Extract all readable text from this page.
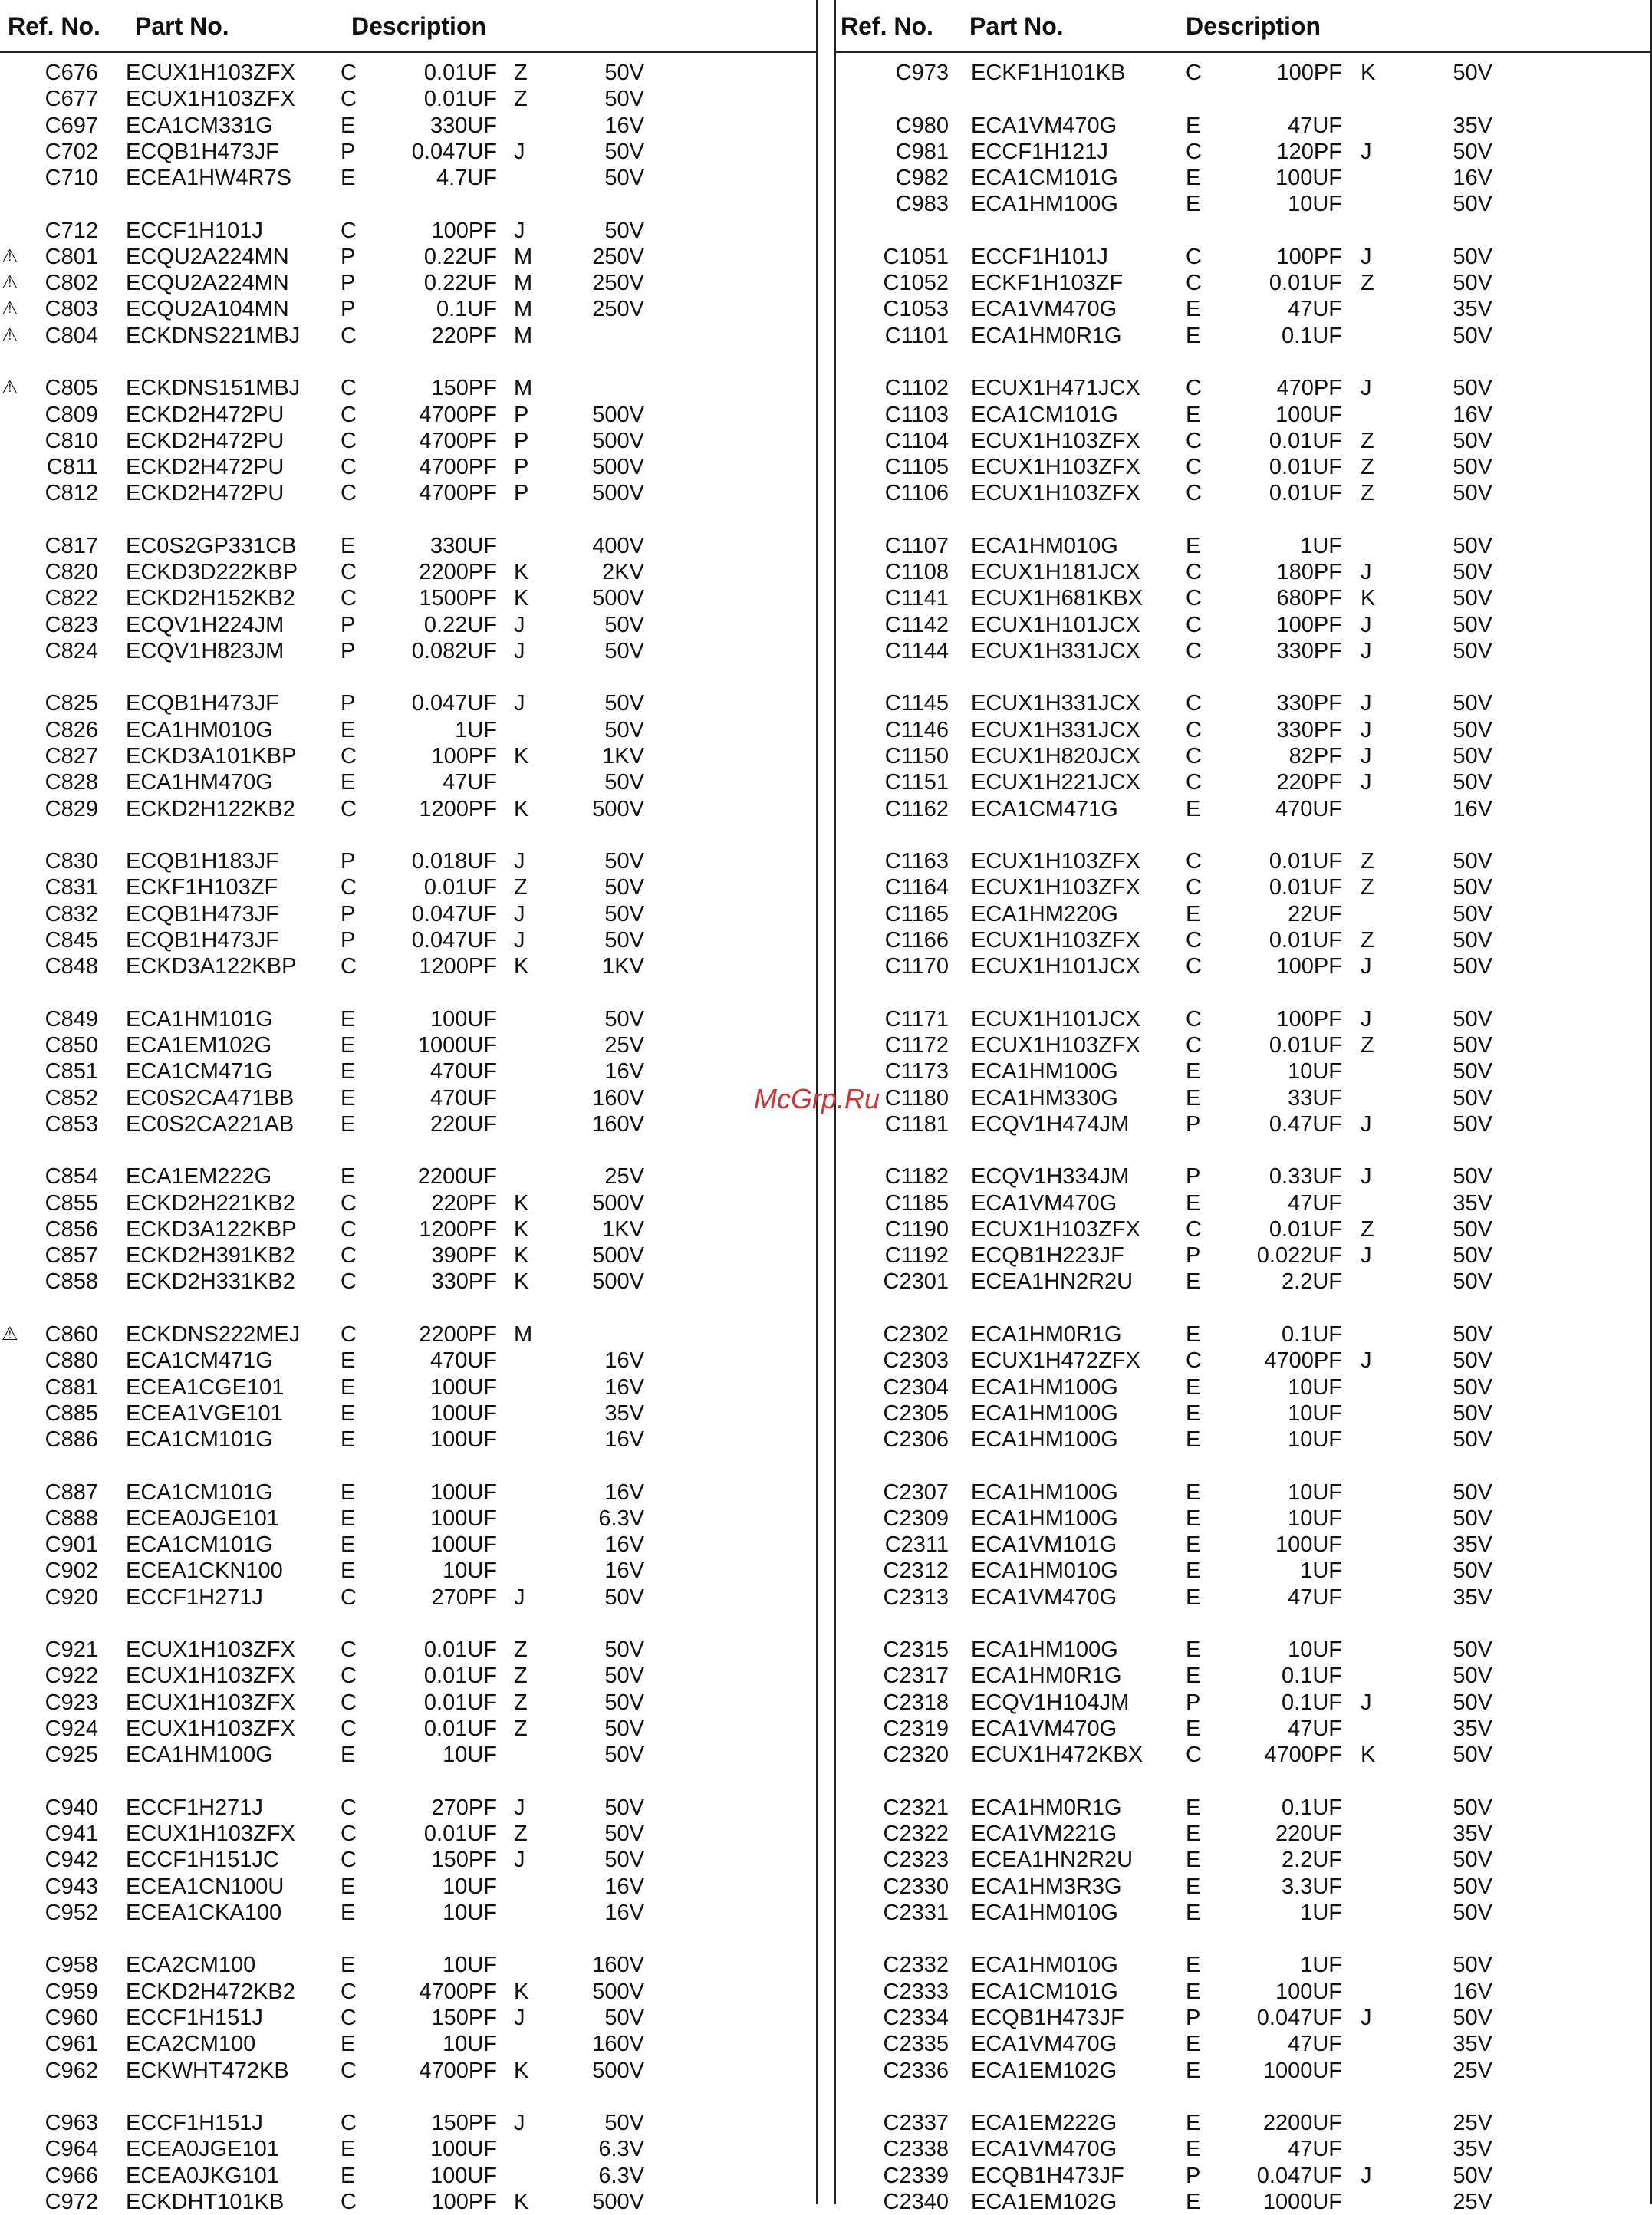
Ref. No. Part No.	Description
C676 ECUX1H103ZFX C	0.01UF Z	50V
C677 ECUX1H103ZFX C	0.01UF Z	50V
C697 ECA1CM331G	E	330UF	16V
C702 ECQB1H473JF	P	0.047UF J	50V
C710 ECEA1HW4R7S E	4.7UF	50V
C712 ECCF1H101J	C	100PF J	50V
⚠	C801 ECQU2A224MN P	0.22UF M	250V
⚠	C802 ECQU2A224MN P	0.22UF M	250V
⚠	C803 ECQU2A104MN P	0.1UF M	250V
⚠	C804 ECKDNS221MBJ C	220PF M
⚠	C805 ECKDNS151MBJ C	150PF M
C809 ECKD2H472PU	C	4700PF P	500V
C810 ECKD2H472PU	C	4700PF P	500V
C811 ECKD2H472PU	C	4700PF P	500V
C812 ECKD2H472PU	C	4700PF P	500V
C817 EC0S2GP331CB E	330UF	400V
C820 ECKD3D222KBP C	2200PF K	2KV
C822 ECKD2H152KB2 C	1500PF K	500V
C823 ECQV1H224JM	P	0.22UF J	50V
C824 ECQV1H823JM	P	0.082UF J	50V
C825 ECQB1H473JF	P	0.047UF J	50V
C826 ECA1HM010G	E	1UF	50V
C827 ECKD3A101KBP C	100PF K	1KV
C828 ECA1HM470G	E	47UF	50V
C829 ECKD2H122KB2 C	1200PF K	500V
C830 ECQB1H183JF	P	0.018UF J	50V
C831 ECKF1H103ZF	C	0.01UF Z	50V
C832 ECQB1H473JF	P	0.047UF J	50V
C845 ECQB1H473JF	P	0.047UF J	50V
C848 ECKD3A122KBP C	1200PF K	1KV
C849 ECA1HM101G	E	100UF	50V
C850 ECA1EM102G	E	1000UF	25V
C851 ECA1CM471G	E	470UF	16V
C852 EC0S2CA471BB E	470UF	160V
C853 EC0S2CA221AB E	220UF	160V
C854 ECA1EM222G	E	2200UF	25V
C855 ECKD2H221KB2 C	220PF K	500V
C856 ECKD3A122KBP C	1200PF K	1KV
C857 ECKD2H391KB2 C	390PF K	500V
C858 ECKD2H331KB2 C	330PF K	500V
⚠	C860 ECKDNS222MEJ C	2200PF M
C880 ECA1CM471G	E	470UF	16V
C881 ECEA1CGE101	E	100UF	16V
C885 ECEA1VGE101	E	100UF	35V
C886 ECA1CM101G	E	100UF	16V
C887 ECA1CM101G	E	100UF	16V
C888 ECEA0JGE101	E	100UF	6.3V
C901 ECA1CM101G	E	100UF	16V
C902 ECEA1CKN100	E	10UF	16V
C920 ECCF1H271J	C	270PF J	50V
C921 ECUX1H103ZFX C	0.01UF Z	50V
C922 ECUX1H103ZFX C	0.01UF Z	50V
C923 ECUX1H103ZFX C	0.01UF Z	50V
C924 ECUX1H103ZFX C	0.01UF Z	50V
C925 ECA1HM100G	E	10UF	50V
C940 ECCF1H271J	C	270PF J	50V
C941 ECUX1H103ZFX C	0.01UF Z	50V
C942 ECCF1H151JC	C	150PF J	50V
C943 ECEA1CN100U	E	10UF	16V
C952 ECEA1CKA100	E	10UF	16V
C958 ECA2CM100	E	10UF	160V
C959 ECKD2H472KB2 C	4700PF K	500V
C960 ECCF1H151J	C	150PF J	50V
C961 ECA2CM100	E	10UF	160V
C962 ECKWHT472KB C	4700PF K	500V
C963 ECCF1H151J	C	150PF J	50V
C964 ECEA0JGE101	E	100UF	6.3V
C966 ECEA0JKG101	E	100UF	6.3V
C972 ECKDHT101KB	C	100PF K	500V
Ref. No. Part No.	Description
C973 ECKF1H101KB	C	100PF K	50V
C980 ECA1VM470G	E	47UF	35V
C981 ECCF1H121J	C	120PF J	50V
C982 ECA1CM101G	E	100UF	16V
C983 ECA1HM100G	E	10UF	50V
C1051 ECCF1H101J	C	100PF J	50V
C1052 ECKF1H103ZF	C	0.01UF Z	50V
C1053 ECA1VM470G	E	47UF	35V
C1101 ECA1HM0R1G	E	0.1UF	50V
C1102 ECUX1H471JCX C	470PF J	50V
C1103 ECA1CM101G	E	100UF	16V
C1104 ECUX1H103ZFX C	0.01UF Z	50V
C1105 ECUX1H103ZFX C	0.01UF Z	50V
C1106 ECUX1H103ZFX C	0.01UF Z	50V
C1107 ECA1HM010G	E	1UF	50V
C1108 ECUX1H181JCX C	180PF J	50V
C1141 ECUX1H681KBX C	680PF K	50V
C1142 ECUX1H101JCX C	100PF J	50V
C1144 ECUX1H331JCX C	330PF J	50V
C1145 ECUX1H331JCX C	330PF J	50V
C1146 ECUX1H331JCX C	330PF J	50V
C1150 ECUX1H820JCX C	82PF J	50V
C1151 ECUX1H221JCX C	220PF J	50V
C1162 ECA1CM471G	E	470UF	16V
C1163 ECUX1H103ZFX C	0.01UF Z	50V
C1164 ECUX1H103ZFX C	0.01UF Z	50V
C1165 ECA1HM220G	E	22UF	50V
C1166 ECUX1H103ZFX C	0.01UF Z	50V
C1170 ECUX1H101JCX C	100PF J	50V
C1171 ECUX1H101JCX C	100PF J	50V
C1172 ECUX1H103ZFX C	0.01UF Z	50V
C1173 ECA1HM100G	E	10UF	50V
C1180 ECA1HM330G	E	33UF	50V
C1181 ECQV1H474JM	P	0.47UF J	50V
C1182 ECQV1H334JM	P	0.33UF J	50V
C1185 ECA1VM470G	E	47UF	35V
C1190 ECUX1H103ZFX C	0.01UF Z	50V
C1192 ECQB1H223JF	P	0.022UF J	50V
C2301 ECEA1HN2R2U E	2.2UF	50V
C2302 ECA1HM0R1G	E	0.1UF	50V
C2303 ECUX1H472ZFX C	4700PF J	50V
C2304 ECA1HM100G	E	10UF	50V
C2305 ECA1HM100G	E	10UF	50V
C2306 ECA1HM100G	E	10UF	50V
C2307 ECA1HM100G	E	10UF	50V
C2309 ECA1HM100G	E	10UF	50V
C2311 ECA1VM101G	E	100UF	35V
C2312 ECA1HM010G	E	1UF	50V
C2313 ECA1VM470G	E	47UF	35V
C2315 ECA1HM100G	E	10UF	50V
C2317 ECA1HM0R1G	E	0.1UF	50V
C2318 ECQV1H104JM	P	0.1UF J	50V
C2319 ECA1VM470G	E	47UF	35V
C2320 ECUX1H472KBX C	4700PF K	50V
C2321 ECA1HM0R1G	E	0.1UF	50V
C2322 ECA1VM221G	E	220UF	35V
C2323 ECEA1HN2R2U E	2.2UF	50V
C2330 ECA1HM3R3G	E	3.3UF	50V
C2331 ECA1HM010G	E	1UF	50V
C2332 ECA1HM010G	E	1UF	50V
C2333 ECA1CM101G	E	100UF	16V
C2334 ECQB1H473JF	P	0.047UF J	50V
C2335 ECA1VM470G	E	47UF	35V
C2336 ECA1EM102G	E	1000UF	25V
C2337 ECA1EM222G	E	2200UF	25V
C2338 ECA1VM470G	E	47UF	35V
C2339 ECQB1H473JF	P	0.047UF J	50V
C2340 ECA1EM102G	E	1000UF	25V
McGrp.Ru
